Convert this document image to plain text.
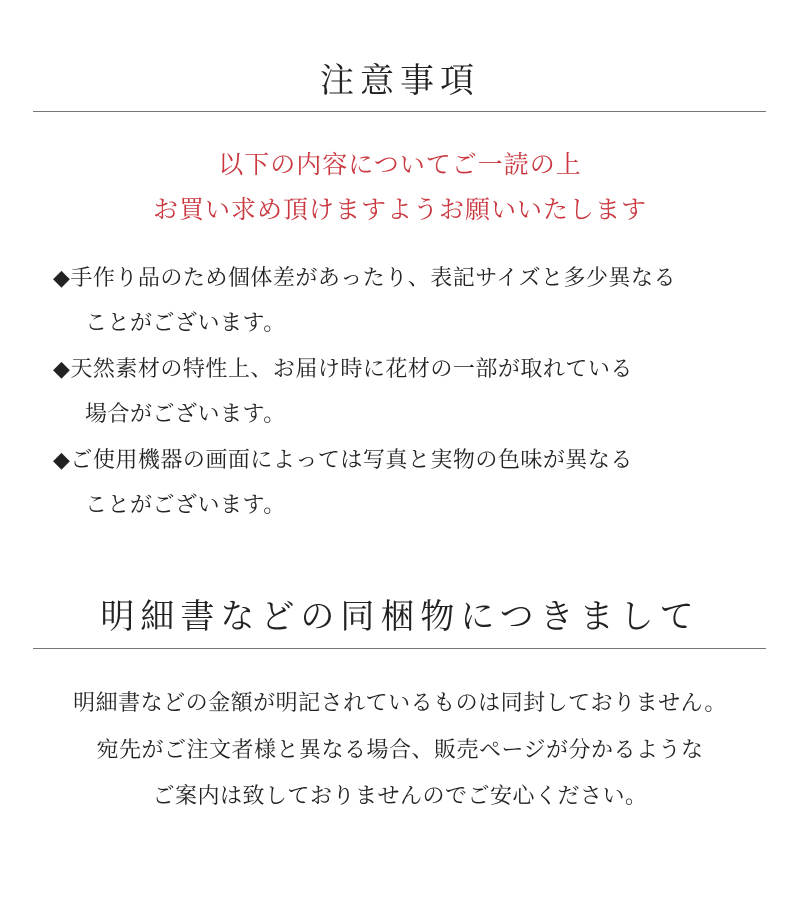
注意事項
以下の内容についてご一読の上
お買い求め頂けますようお願いいたします
◆手作り品のため個体差があったり、表記サイズと多少異なる
ことがございます。
◆天然素材の特性上、お届け時に花材の一部が取れている
場合がございます。
◆ご使用機器の画面によっては写真と実物の色味が異なる
ことがございます。
明細書などの同梱物につきまして
明細書などの金額が明記されているものは同封しておりません。
宛先がご注文者様と異なる場合、販売ページが分かるような
ご案内は致しておりませんのでご安心ください。
